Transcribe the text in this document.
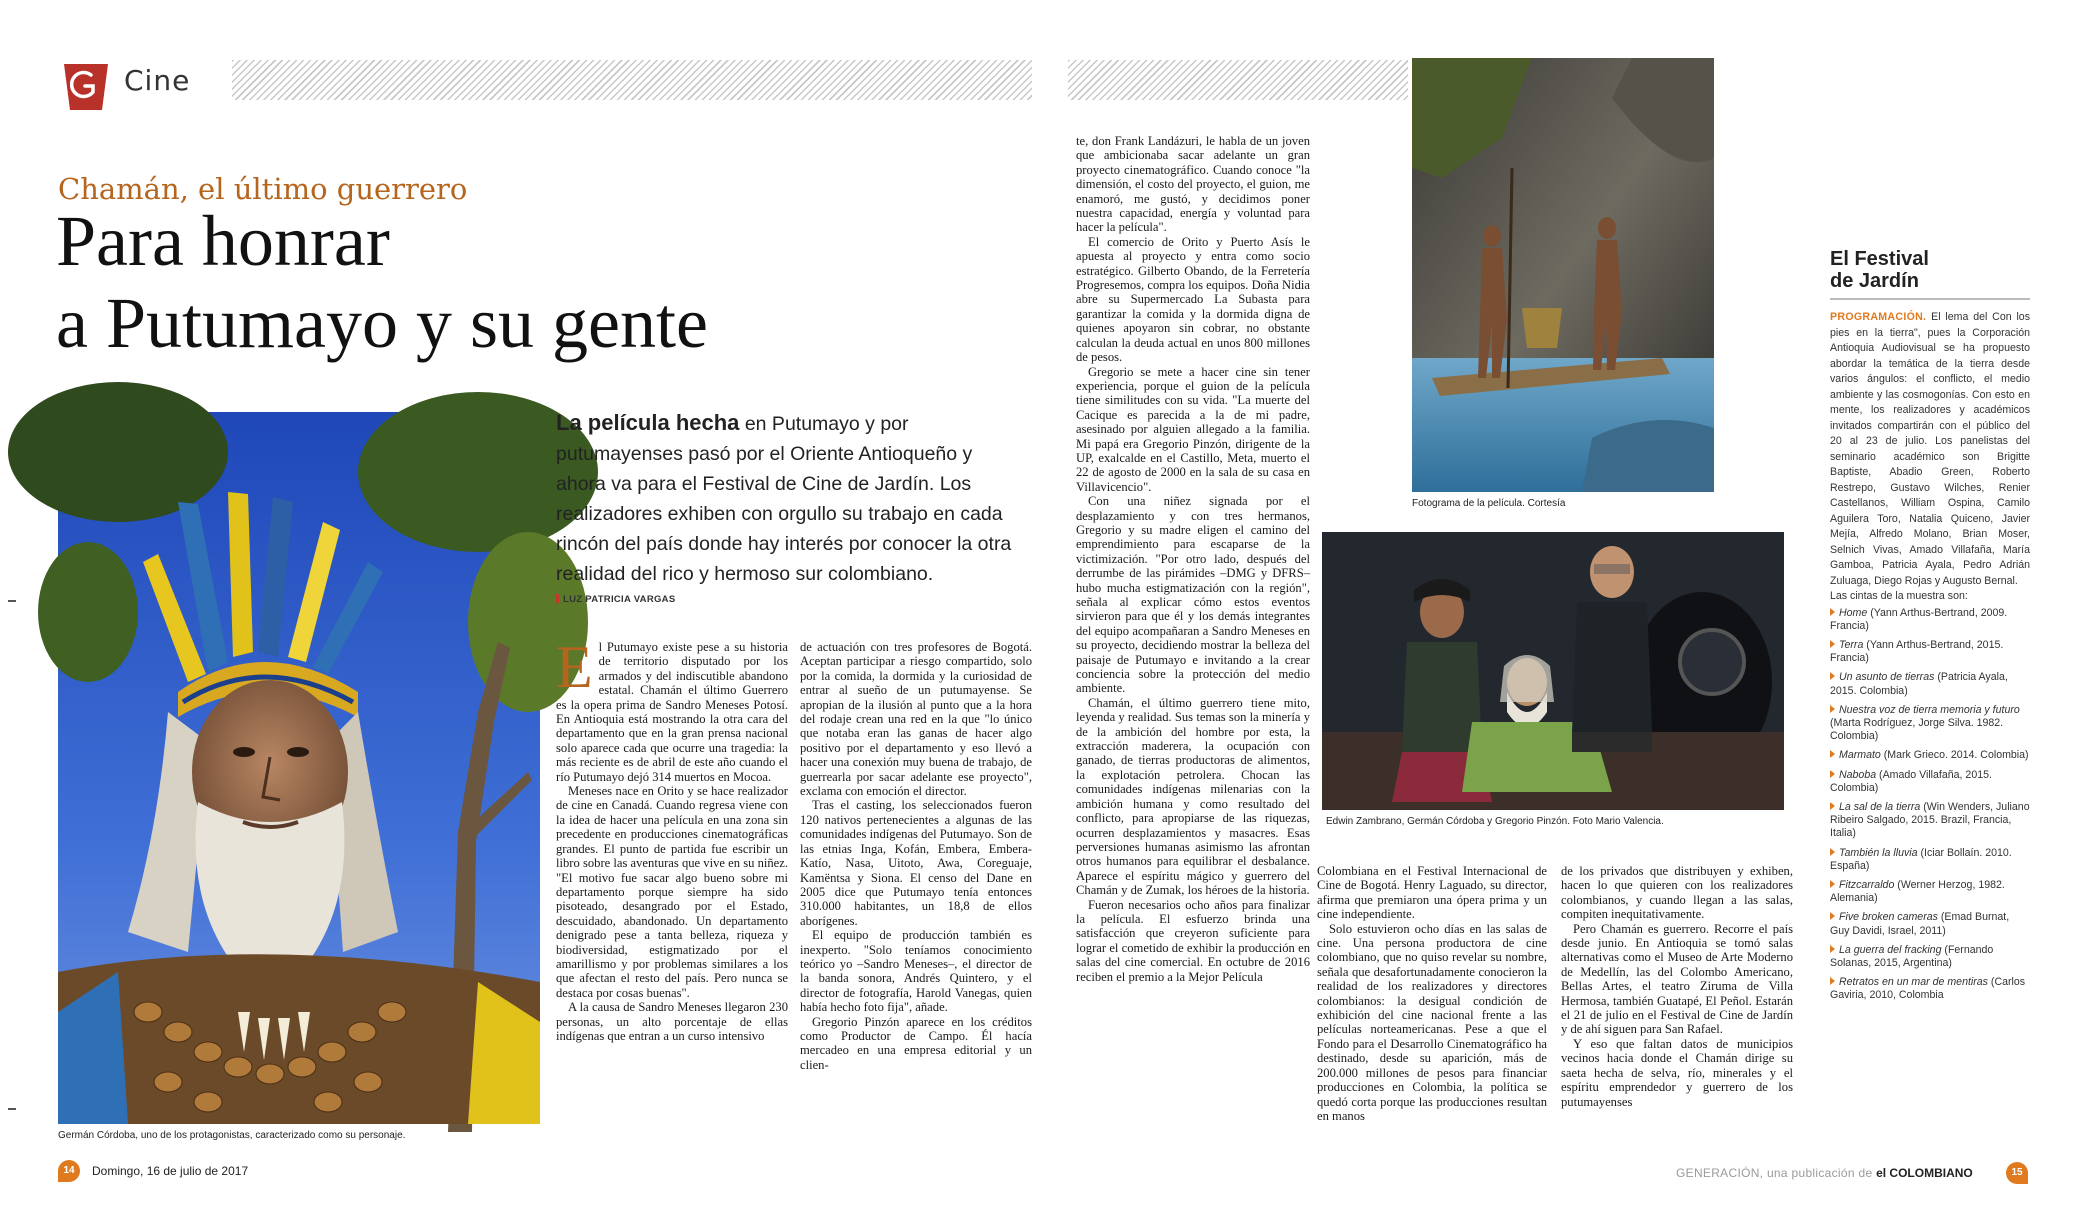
Cine
Chamán, el último guerrero
Para honrar
a Putumayo y su gente
Germán Córdoba, uno de los protagonistas, caracterizado como su personaje.
La película hecha en Putumayo y por putumayenses pasó por el Oriente Antioqueño y ahora va para el Festival de Cine de Jardín. Los realizadores exhiben con orgullo su trabajo en cada rincón del país donde hay interés por conocer la otra realidad del rico y hermoso sur colombiano.
LUZ PATRICIA VARGAS
E l Putumayo existe pese a su historia de territorio disputado por los armados y del indiscutible abandono estatal. Chamán el último Guerrero es la opera prima de Sandro Meneses Potosí. En Antioquia está mostrando la otra cara del departamento que en la gran prensa nacional solo aparece cada que ocurre una tragedia: la más reciente es de abril de este año cuando el río Putumayo dejó 314 muertos en Mocoa.

Meneses nace en Orito y se hace realizador de cine en Canadá. Cuando regresa viene con la idea de hacer una película en una zona sin precedente en producciones cinematográficas grandes. El punto de partida fue escribir un libro sobre las aventuras que vive en su niñez. "El motivo fue sacar algo bueno sobre mi departamento porque siempre ha sido pisoteado, desangrado por el Estado, descuidado, abandonado. Un departamento denigrado pese a tanta belleza, riqueza y biodiversidad, estigmatizado por el amarillismo y por problemas similares a los que afectan el resto del país. Pero nunca se destaca por cosas buenas".

A la causa de Sandro Meneses llegaron 230 personas, un alto porcentaje de ellas indígenas que entran a un curso intensivo

de actuación con tres profesores de Bogotá. Aceptan participar a riesgo compartido, solo por la comida, la dormida y la curiosidad de entrar al sueño de un putumayense. Se apropian de la ilusión al punto que a la hora del rodaje crean una red en la que "lo único que notaba eran las ganas de hacer algo positivo por el departamento y eso llevó a hacer una conexión muy buena de trabajo, de guerrearla por sacar adelante ese proyecto", exclama con emoción el director.

Tras el casting, los seleccionados fueron 120 nativos pertenecientes a algunas de las comunidades indígenas del Putumayo. Son de las etnias Inga, Kofán, Embera, Embera-Katío, Nasa, Uitoto, Awa, Coreguaje, Kamëntsa y Siona. El censo del Dane en 2005 dice que Putumayo tenía entonces 310.000 habitantes, un 18,8 de ellos aborígenes.

El equipo de producción también es inexperto. "Solo teníamos conocimiento teórico yo –Sandro Meneses–, el director de la banda sonora, Andrés Quintero, y el director de fotografía, Harold Vanegas, quien había hecho foto fija", añade.

Gregorio Pinzón aparece en los créditos como Productor de Campo. Él hacía mercadeo en una empresa editorial y un clien-

te, don Frank Landázuri, le habla de un joven que ambicionaba sacar adelante un gran proyecto cinematográfico. Cuando conoce "la dimensión, el costo del proyecto, el guion, me enamoró, me gustó, y decidimos poner nuestra capacidad, energía y voluntad para hacer la película".

El comercio de Orito y Puerto Asís le apuesta al proyecto y entra como socio estratégico. Gilberto Obando, de la Ferretería Progresemos, compra los equipos. Doña Nidia abre su Supermercado La Subasta para garantizar la comida y la dormida digna de quienes apoyaron sin cobrar, no obstante calculan la deuda actual en unos 800 millones de pesos.

Gregorio se mete a hacer cine sin tener experiencia, porque el guion de la película tiene similitudes con su vida. "La muerte del Cacique es parecida a la de mi padre, asesinado por alguien allegado a la familia. Mi papá era Gregorio Pinzón, dirigente de la UP, exalcalde en el Castillo, Meta, muerto el 22 de agosto de 2000 en la sala de su casa en Villavicencio".

Con una niñez signada por el desplazamiento y con tres hermanos, Gregorio y su madre eligen el camino del emprendimiento para escaparse de la victimización. "Por otro lado, después del derrumbe de las pirámides –DMG y DFRS– hubo mucha estigmatización con la región", señala al explicar cómo estos eventos sirvieron para que él y los demás integrantes del equipo acompañaran a Sandro Meneses en su proyecto, decidiendo mostrar la belleza del paisaje de Putumayo e invitando a la crear conciencia sobre la protección del medio ambiente.

Chamán, el último guerrero tiene mito, leyenda y realidad. Sus temas son la minería y de la ambición del hombre por esta, la extracción maderera, la ocupación con ganado, de tierras productoras de alimentos, la explotación petrolera. Chocan las comunidades indígenas milenarias con la ambición humana y como resultado del conflicto, para apropiarse de las riquezas, ocurren desplazamientos y masacres. Esas perversiones humanas asimismo las afrontan otros humanos para equilibrar el desbalance. Aparece el espíritu mágico y guerrero del Chamán y de Zumak, los héroes de la historia.

Fueron necesarios ocho años para finalizar la película. El esfuerzo brinda una satisfacción que creyeron suficiente para lograr el cometido de exhibir la producción en salas del cine comercial. En octubre de 2016 reciben el premio a la Mejor Película

Colombiana en el Festival Internacional de Cine de Bogotá. Henry Laguado, su director, afirma que premiaron una ópera prima y un cine independiente.

Solo estuvieron ocho días en las salas de cine. Una persona productora de cine colombiano, que no quiso revelar su nombre, señala que desafortunadamente conocieron la realidad de los realizadores y directores colombianos: la desigual condición de exhibición del cine nacional frente a las películas norteamericanas. Pese a que el Fondo para el Desarrollo Cinematográfico ha destinado, desde su aparición, más de 200.000 millones de pesos para financiar producciones en Colombia, la política se quedó corta porque las producciones resultan en manos

de los privados que distribuyen y exhiben, hacen lo que quieren con los realizadores colombianos, y cuando llegan a las salas, compiten inequitativamente.

Pero Chamán es guerrero. Recorre el país desde junio. En Antioquia se tomó salas alternativas como el Museo de Arte Moderno de Medellín, las del Colombo Americano, Bellas Artes, el teatro Ziruma de Villa Hermosa, también Guatapé, El Peñol. Estarán el 21 de julio en el Festival de Cine de Jardín y de ahí siguen para San Rafael.

Y eso que faltan datos de municipios vecinos hacia donde el Chamán dirige su saeta hecha de selva, río, minerales y el espíritu emprendedor y guerrero de los putumayenses

Fotograma de la película. Cortesía
Edwin Zambrano, Germán Córdoba y Gregorio Pinzón. Foto Mario Valencia.
El Festival
de Jardín
PROGRAMACIÓN. El lema del Con los pies en la tierra", pues la Corporación Antioquia Audiovisual se ha propuesto abordar la temática de la tierra desde varios ángulos: el conflicto, el medio ambiente y las cosmogonías. Con esto en mente, los realizadores y académicos invitados compartirán con el público del 20 al 23 de julio. Los panelistas del seminario académico son Brigitte Baptiste, Abadio Green, Roberto Restrepo, Gustavo Wilches, Renier Castellanos, William Ospina, Camilo Aguilera Toro, Natalia Quiceno, Javier Mejía, Alfredo Molano, Brian Moser, Selnich Vivas, Amado Villafaña, María Gamboa, Patricia Ayala, Pedro Adrián Zuluaga, Diego Rojas y Augusto Bernal.
Las cintas de la muestra son:
Home (Yann Arthus-Bertrand, 2009. Francia)
Terra (Yann Arthus-Bertrand, 2015. Francia)
Un asunto de tierras (Patricia Ayala, 2015. Colombia)
Nuestra voz de tierra memoria y futuro (Marta Rodríguez, Jorge Silva. 1982. Colombia)
Marmato (Mark Grieco. 2014. Colombia)
Naboba (Amado Villafaña, 2015. Colombia)
La sal de la tierra (Win Wenders, Juliano Ribeiro Salgado, 2015. Brazil, Francia, Italia)
También la lluvia (Iciar Bollaín. 2010. España)
Fitzcarraldo (Werner Herzog, 1982. Alemania)
Five broken cameras (Emad Burnat, Guy Davidi, Israel, 2011)
La guerra del fracking (Fernando Solanas, 2015, Argentina)
Retratos en un mar de mentiras (Carlos Gaviria, 2010, Colombia
14	Domingo, 16 de julio de 2017	GENERACIÓN, una publicación de el COLOMBIANO	15
